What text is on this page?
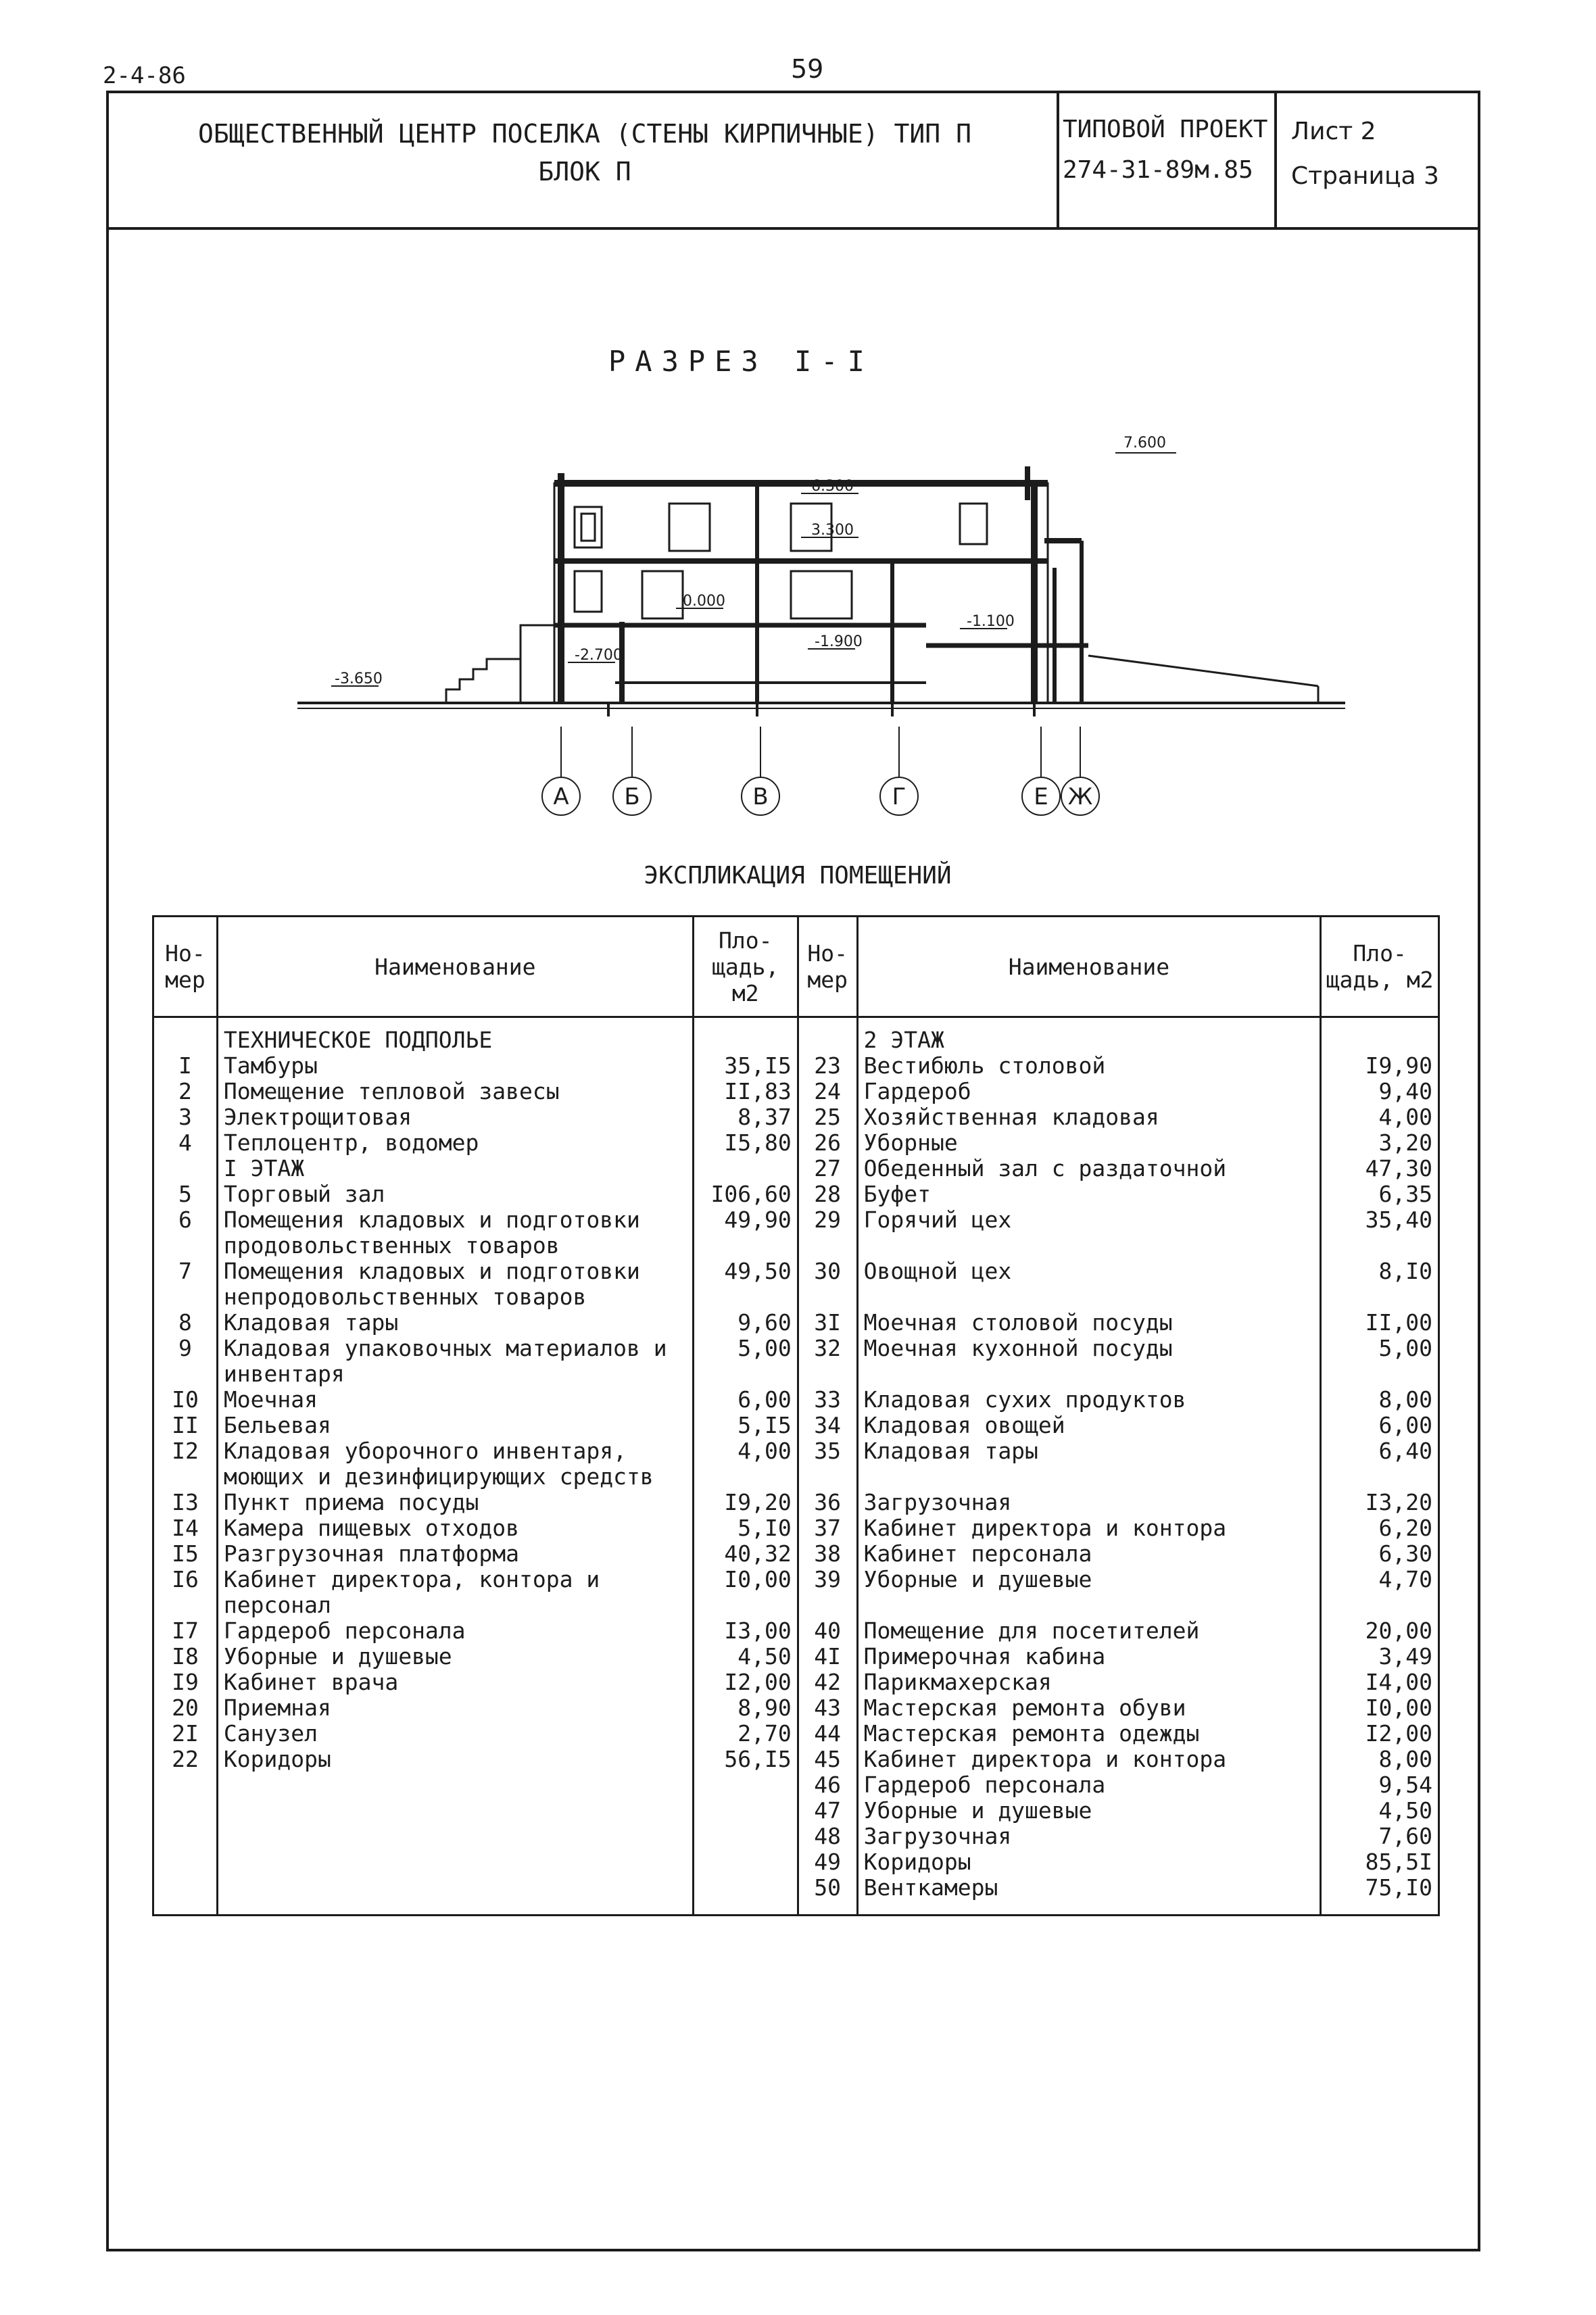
2-4-86	59
ОБЩЕСТВЕННЫЙ ЦЕНТР ПОСЕЛКА (СТЕНЫ КИРПИЧНЫЕ) ТИП П
БЛОК П
ТИПОВОЙ ПРОЕКТ
274-31-89м.85
Лист 2
Страница 3
РАЗРЕЗ I-I
7.600
6.300
3.300
0.000
-1.100
-1.900
-2.700
-3.650
А Б	В	Г	Е Ж
ЭКСПЛИКАЦИЯ ПОМЕЩЕНИЙ
Но- мер	Наименование	Пло- щадь, м2	Но- мер	Наименование	Пло- щадь, м2
	ТЕХНИЧЕСКОЕ ПОДПОЛЬЕ			2 ЭТАЖ	
I	Тамбуры	35,I5	23	Вестибюль столовой	I9,90
2	Помещение тепловой завесы	II,83	24	Гардероб	9,40
3	Электрощитовая	8,37	25	Хозяйственная кладовая	4,00
4	Теплоцентр, водомер	I5,80	26	Уборные	3,20
	I ЭТАЖ		27	Обеденный зал с раздаточной	47,30
5	Торговый зал	I06,60	28	Буфет	6,35
6	Помещения кладовых и подготовки продовольственных товаров	49,90	29	Горячий цех	35,40
7	Помещения кладовых и подготовки непродовольственных товаров	49,50	30	Овощной цех	8,I0
8	Кладовая тары	9,60	3I	Моечная столовой посуды	II,00
9	Кладовая упаковочных материалов и инвентаря	5,00	32	Моечная кухонной посуды	5,00
I0	Моечная	6,00	33	Кладовая сухих продуктов	8,00
II	Бельевая	5,I5	34	Кладовая овощей	6,00
I2	Кладовая уборочного инвентаря, моющих и дезинфицирующих средств	4,00	35	Кладовая тары	6,40
I3	Пункт приема посуды	I9,20	36	Загрузочная	I3,20
I4	Камера пищевых отходов	5,I0	37	Кабинет директора и контора	6,20
I5	Разгрузочная платформа	40,32	38	Кабинет персонала	6,30
I6	Кабинет директора, контора и персонал	I0,00	39	Уборные и душевые	4,70
I7	Гардероб персонала	I3,00	40	Помещение для посетителей	20,00
I8	Уборные и душевые	4,50	4I	Примерочная кабина	3,49
I9	Кабинет врача	I2,00	42	Парикмахерская	I4,00
20	Приемная	8,90	43	Мастерская ремонта обуви	I0,00
2I	Санузел	2,70	44	Мастерская ремонта одежды	I2,00
22	Коридоры	56,I5	45	Кабинет директора и контора	8,00
			46	Гардероб персонала	9,54
			47	Уборные и душевые	4,50
			48	Загрузочная	7,60
			49	Коридоры	85,5I
			50	Венткамеры	75,I0
